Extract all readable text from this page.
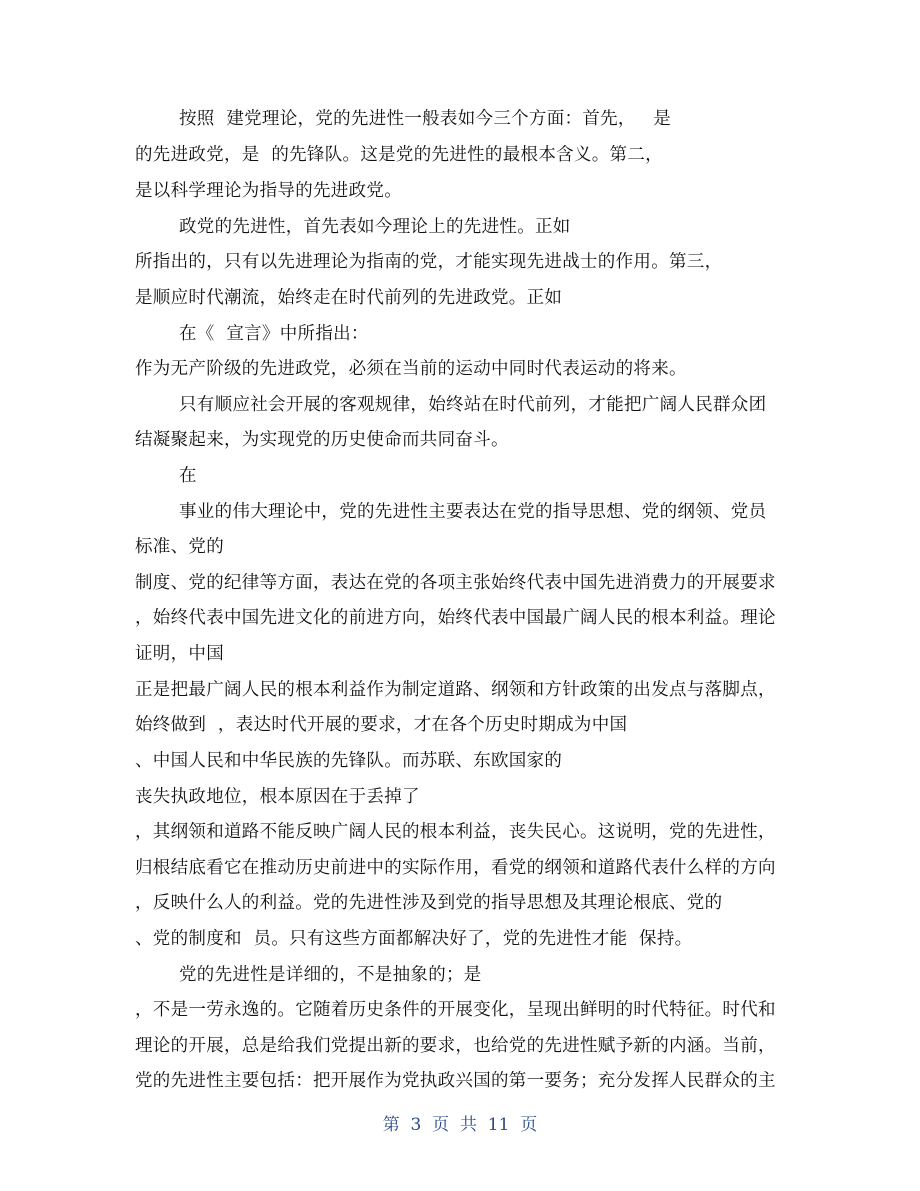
按照  建党理论，党的先进性一般表如今三个方面：首先，   是
的先进政党，是  的先锋队。这是党的先进性的最根本含义。第二，
是以科学理论为指导的先进政党。
政党的先进性，首先表如今理论上的先进性。正如
所指出的，只有以先进理论为指南的党，才能实现先进战士的作用。第三，
是顺应时代潮流，始终走在时代前列的先进政党。正如
在《  宣言》中所指出：
作为无产阶级的先进政党，必须在当前的运动中同时代表运动的将来。
只有顺应社会开展的客观规律，始终站在时代前列，才能把广阔人民群众团
结凝聚起来，为实现党的历史使命而共同奋斗。
在
事业的伟大理论中，党的先进性主要表达在党的指导思想、党的纲领、党员
标准、党的
制度、党的纪律等方面，表达在党的各项主张始终代表中国先进消费力的开展要求
，始终代表中国先进文化的前进方向，始终代表中国最广阔人民的根本利益。理论
证明，中国
正是把最广阔人民的根本利益作为制定道路、纲领和方针政策的出发点与落脚点，
始终做到  ，表达时代开展的要求，才在各个历史时期成为中国
、中国人民和中华民族的先锋队。而苏联、东欧国家的
丧失执政地位，根本原因在于丢掉了
，其纲领和道路不能反映广阔人民的根本利益，丧失民心。这说明，党的先进性，
归根结底看它在推动历史前进中的实际作用，看党的纲领和道路代表什么样的方向
，反映什么人的利益。党的先进性涉及到党的指导思想及其理论根底、党的
、党的制度和  员。只有这些方面都解决好了，党的先进性才能  保持。
党的先进性是详细的，不是抽象的；是
，不是一劳永逸的。它随着历史条件的开展变化，呈现出鲜明的时代特征。时代和
理论的开展，总是给我们党提出新的要求，也给党的先进性赋予新的内涵。当前，
党的先进性主要包括：把开展作为党执政兴国的第一要务；充分发挥人民群众的主
第  3  页  共  11  页
